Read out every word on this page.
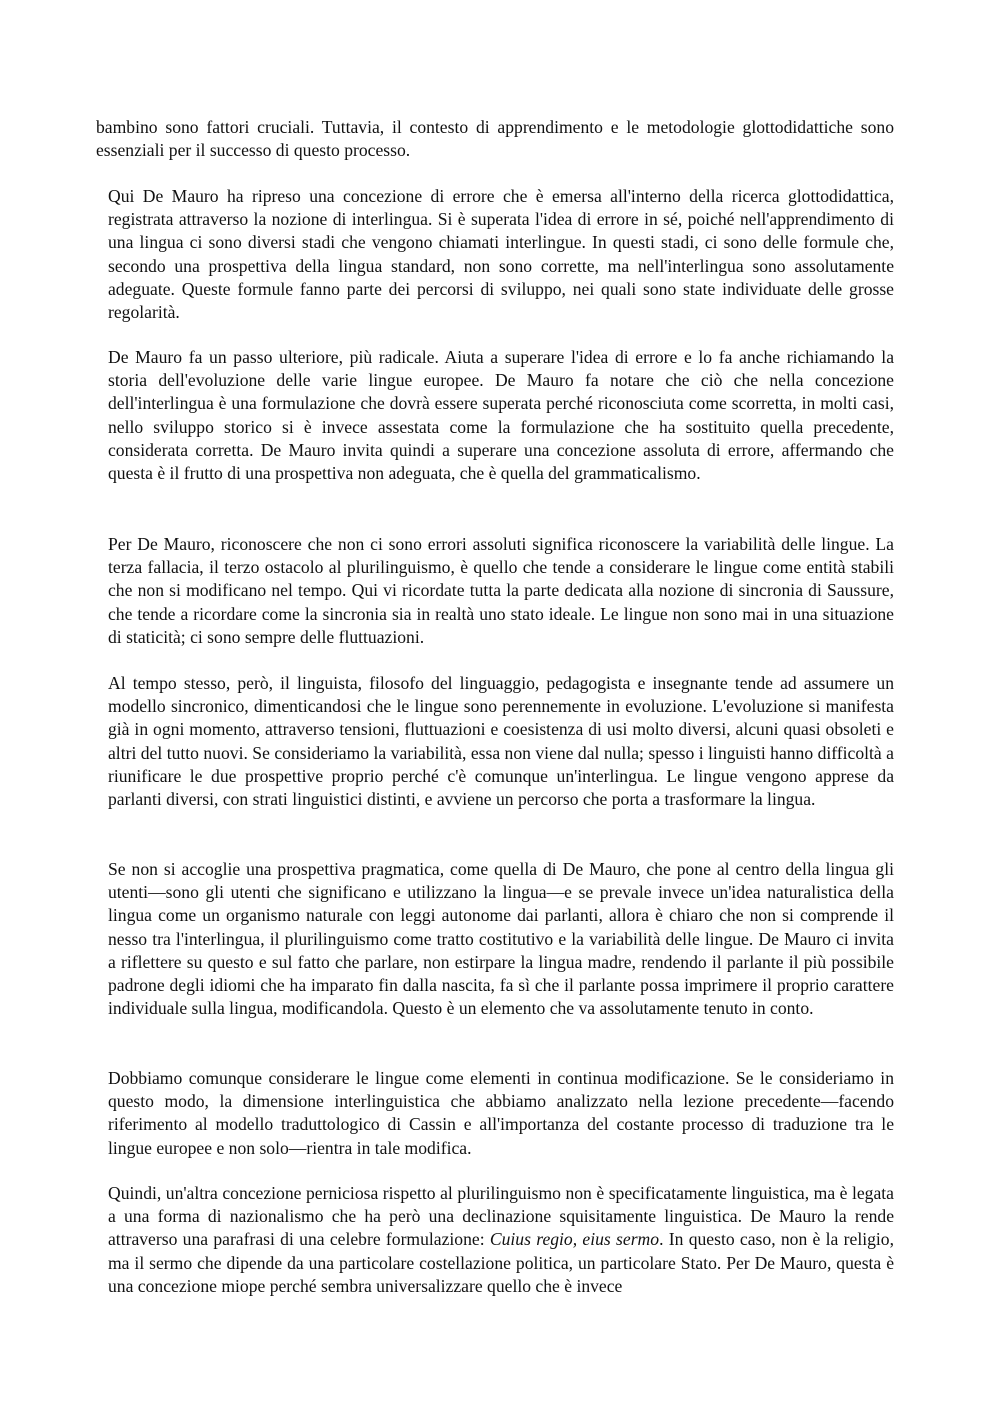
bambino sono fattori cruciali. Tuttavia, il contesto di apprendimento e le metodologie glottodidattiche sono essenziali per il successo di questo processo.

Qui De Mauro ha ripreso una concezione di errore che è emersa all'interno della ricerca glottodidattica, registrata attraverso la nozione di interlingua. Si è superata l'idea di errore in sé, poiché nell'apprendimento di una lingua ci sono diversi stadi che vengono chiamati interlingue. In questi stadi, ci sono delle formule che, secondo una prospettiva della lingua standard, non sono corrette, ma nell'interlingua sono assolutamente adeguate. Queste formule fanno parte dei percorsi di sviluppo, nei quali sono state individuate delle grosse regolarità.

De Mauro fa un passo ulteriore, più radicale. Aiuta a superare l'idea di errore e lo fa anche richiamando la storia dell'evoluzione delle varie lingue europee. De Mauro fa notare che ciò che nella concezione dell'interlingua è una formulazione che dovrà essere superata perché riconosciuta come scorretta, in molti casi, nello sviluppo storico si è invece assestata come la formulazione che ha sostituito quella precedente, considerata corretta. De Mauro invita quindi a superare una concezione assoluta di errore, affermando che questa è il frutto di una prospettiva non adeguata, che è quella del grammaticalismo.

Per De Mauro, riconoscere che non ci sono errori assoluti significa riconoscere la variabilità delle lingue. La terza fallacia, il terzo ostacolo al plurilinguismo, è quello che tende a considerare le lingue come entità stabili che non si modificano nel tempo. Qui vi ricordate tutta la parte dedicata alla nozione di sincronia di Saussure, che tende a ricordare come la sincronia sia in realtà uno stato ideale. Le lingue non sono mai in una situazione di staticità; ci sono sempre delle fluttuazioni.

Al tempo stesso, però, il linguista, filosofo del linguaggio, pedagogista e insegnante tende ad assumere un modello sincronico, dimenticandosi che le lingue sono perennemente in evoluzione. L'evoluzione si manifesta già in ogni momento, attraverso tensioni, fluttuazioni e coesistenza di usi molto diversi, alcuni quasi obsoleti e altri del tutto nuovi. Se consideriamo la variabilità, essa non viene dal nulla; spesso i linguisti hanno difficoltà a riunificare le due prospettive proprio perché c'è comunque un'interlingua. Le lingue vengono apprese da parlanti diversi, con strati linguistici distinti, e avviene un percorso che porta a trasformare la lingua.

Se non si accoglie una prospettiva pragmatica, come quella di De Mauro, che pone al centro della lingua gli utenti—sono gli utenti che significano e utilizzano la lingua—e se prevale invece un'idea naturalistica della lingua come un organismo naturale con leggi autonome dai parlanti, allora è chiaro che non si comprende il nesso tra l'interlingua, il plurilinguismo come tratto costitutivo e la variabilità delle lingue. De Mauro ci invita a riflettere su questo e sul fatto che parlare, non estirpare la lingua madre, rendendo il parlante il più possibile padrone degli idiomi che ha imparato fin dalla nascita, fa sì che il parlante possa imprimere il proprio carattere individuale sulla lingua, modificandola. Questo è un elemento che va assolutamente tenuto in conto.

Dobbiamo comunque considerare le lingue come elementi in continua modificazione. Se le consideriamo in questo modo, la dimensione interlinguistica che abbiamo analizzato nella lezione precedente—facendo riferimento al modello traduttologico di Cassin e all'importanza del costante processo di traduzione tra le lingue europee e non solo—rientra in tale modifica.

Quindi, un'altra concezione perniciosa rispetto al plurilinguismo non è specificatamente linguistica, ma è legata a una forma di nazionalismo che ha però una declinazione squisitamente linguistica. De Mauro la rende attraverso una parafrasi di una celebre formulazione: Cuius regio, eius sermo. In questo caso, non è la religio, ma il sermo che dipende da una particolare costellazione politica, un particolare Stato. Per De Mauro, questa è una concezione miope perché sembra universalizzare quello che è invece
